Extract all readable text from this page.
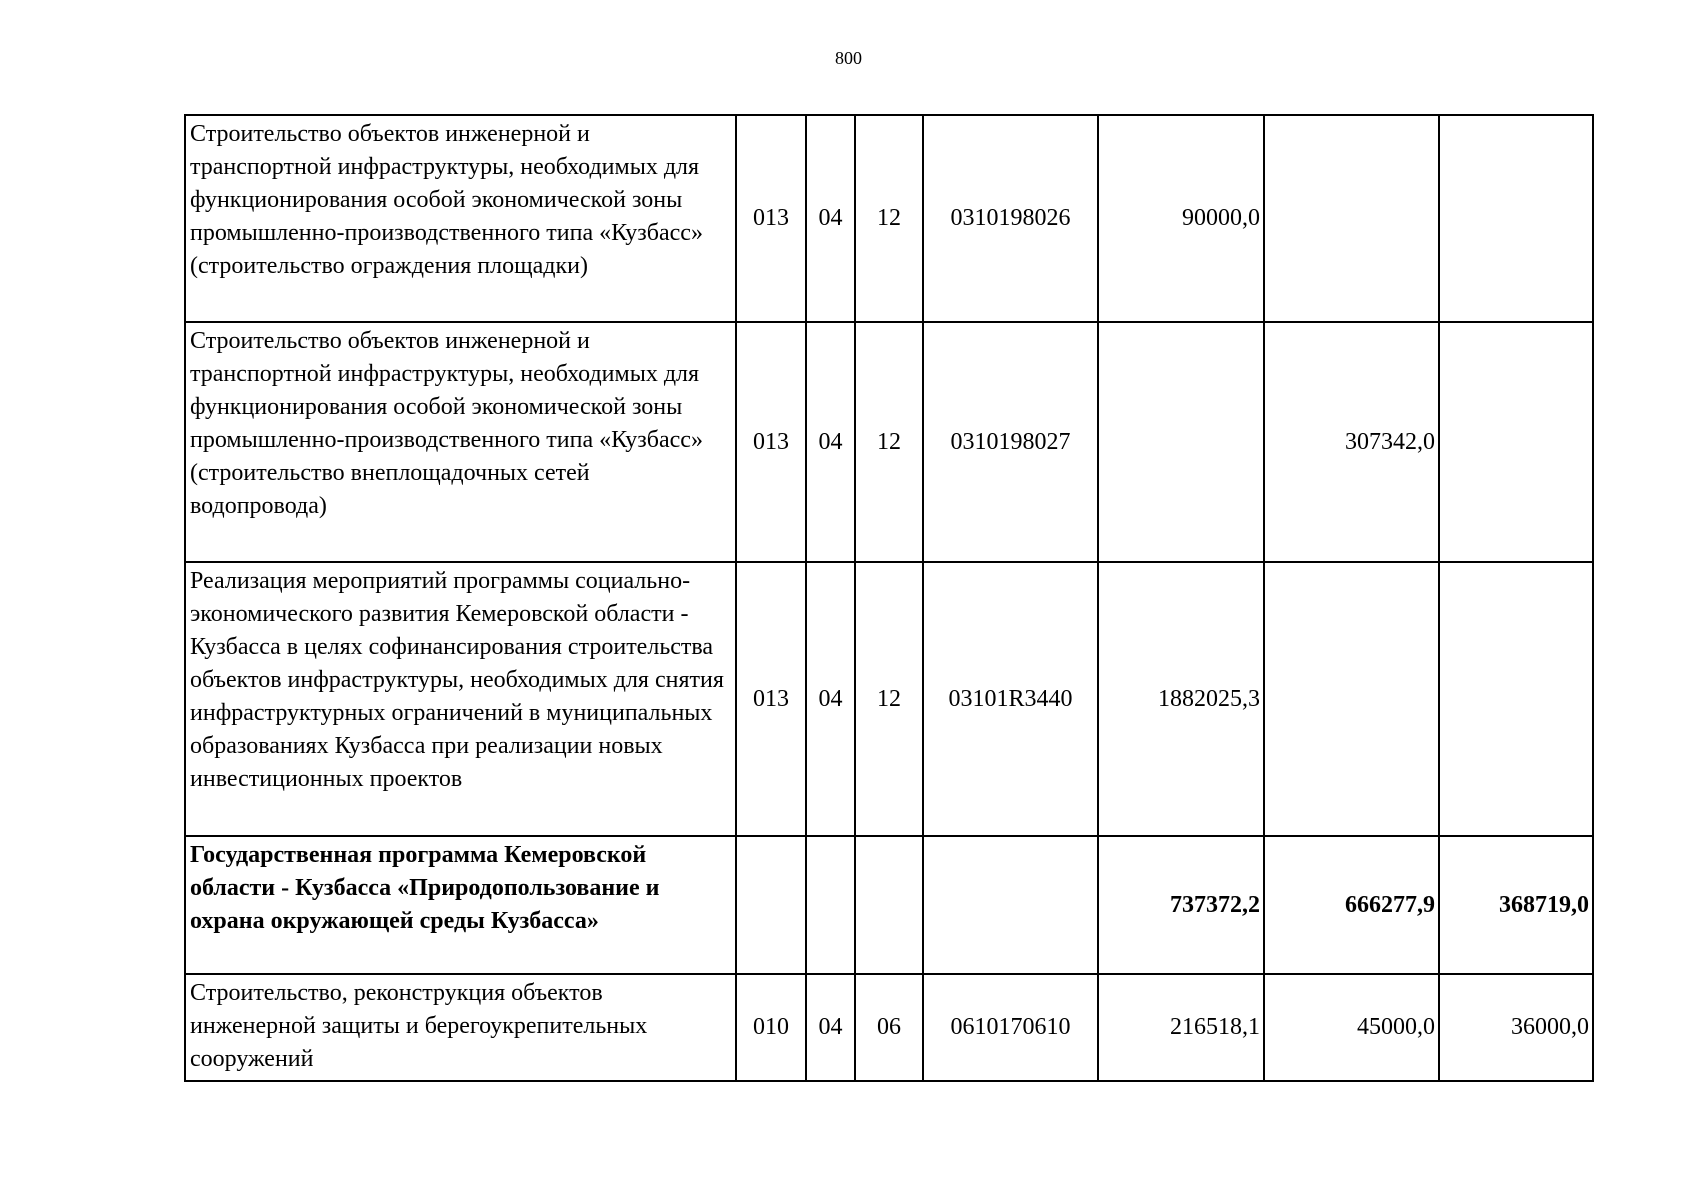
800
Строительство объектов инженерной и транспортной инфраструктуры, необходимых для функционирования особой экономической зоны промышленно-производственного типа «Кузбасс» (строительство ограждения площадки)	013	04	12	0310198026	90000,0		
Строительство объектов инженерной и транспортной инфраструктуры, необходимых для функционирования особой экономической зоны промышленно-производственного типа «Кузбасс» (строительство внеплощадочных сетей водопровода)	013	04	12	0310198027		307342,0	
Реализация мероприятий программы социально-экономического развития Кемеровской области - Кузбасса в целях софинансирования строительства объектов инфраструктуры, необходимых для снятия инфраструктурных ограничений в муниципальных образованиях Кузбасса при реализации новых инвестиционных проектов	013	04	12	03101R3440	1882025,3		
Государственная программа Кемеровской области - Кузбасса «Природопользование и охрана окружающей среды Кузбасса»					737372,2	666277,9	368719,0
Строительство, реконструкция объектов инженерной защиты и берегоукрепительных сооружений	010	04	06	0610170610	216518,1	45000,0	36000,0
